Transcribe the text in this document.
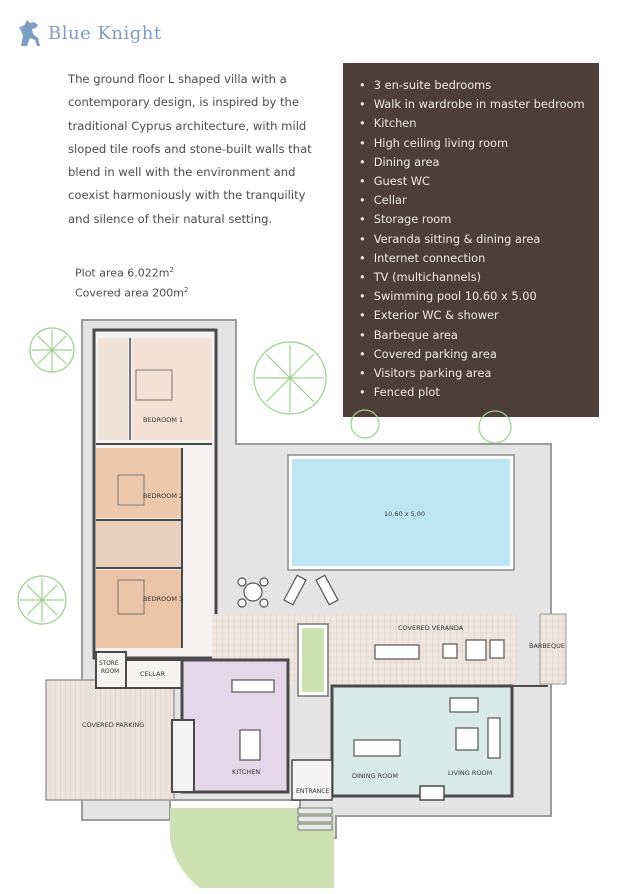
Blue Knight
The ground floor L shaped villa with a contemporary design, is inspired by the traditional Cyprus architecture, with mild sloped tile roofs and stone-built walls that blend in well with the environment and coexist harmoniously with the tranquility and silence of their natural setting.
Plot area $6.022m^2$
Covered area $200m^2$
• 3 en-suite bedrooms
• Walk in wardrobe in master bedroom
• Kitchen
• High ceiling living room
• Dining area
• Guest WC
• Cellar
• Storage room
• Veranda sitting & dining area
• Internet connection
• TV (multichannels)
• Swimming pool 10.60 x 5.00
• Exterior WC & shower
• Barbeque area
• Covered parking area
• Visitors parking area
• Fenced plot
BEDROOM 1
BEDROOM 2
BEDROOM 3
10,60 x 5,00
COVERED VERANDA
BARBEQUE
STORE
ROOM	CELLAR
COVERED PARKING
KITCHEN
ENTRANCE
DINING ROOM	LIVING ROOM
